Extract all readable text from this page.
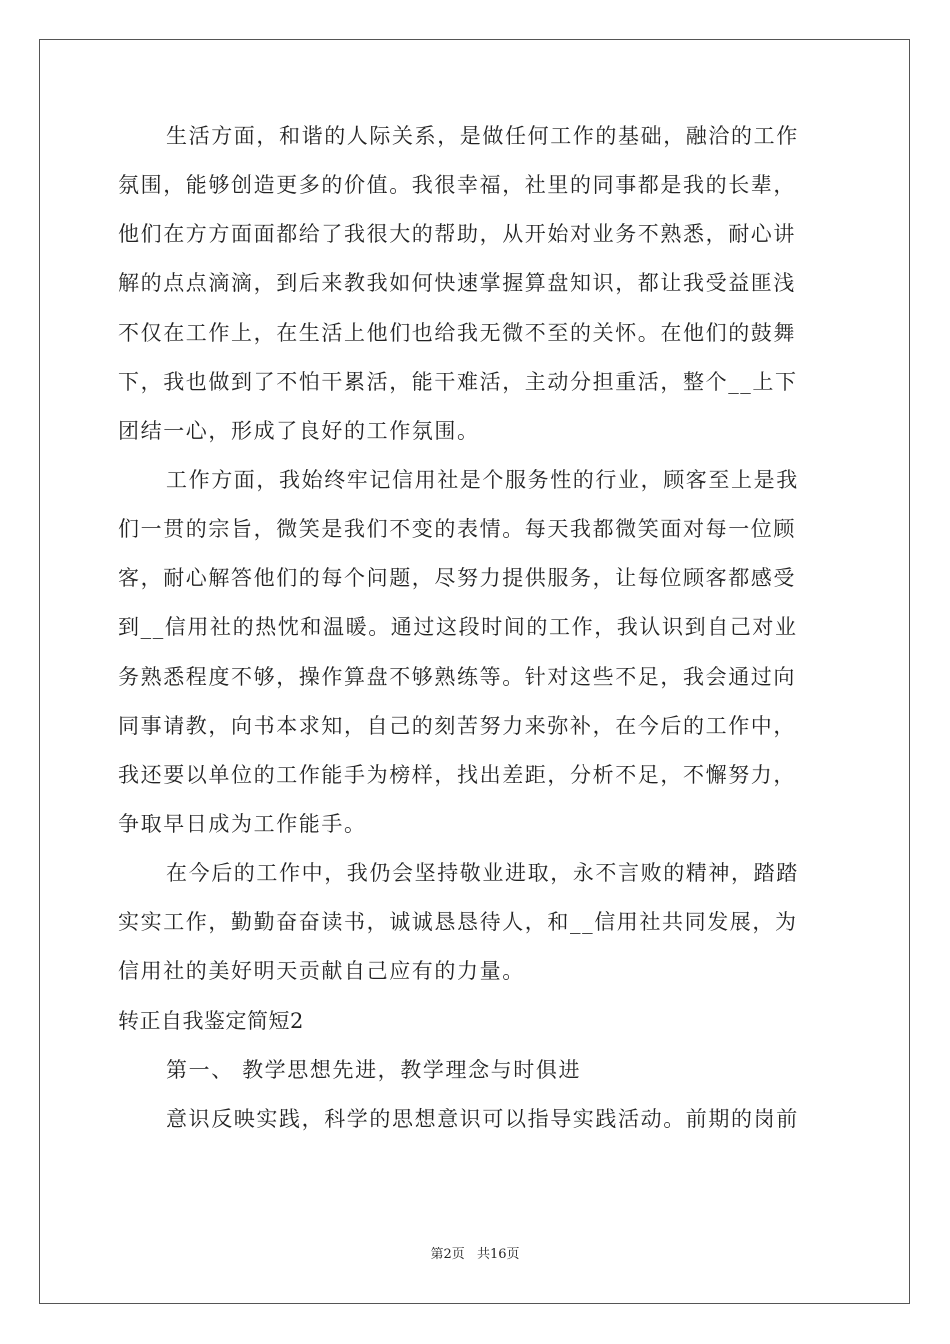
生活方面，和谐的人际关系，是做任何工作的基础，融洽的工作
氛围，能够创造更多的价值。我很幸福，社里的同事都是我的长辈，
他们在方方面面都给了我很大的帮助，从开始对业务不熟悉，耐心讲
解的点点滴滴，到后来教我如何快速掌握算盘知识，都让我受益匪浅
不仅在工作上，在生活上他们也给我无微不至的关怀。在他们的鼓舞
下，我也做到了不怕干累活，能干难活，主动分担重活，整个__上下
团结一心，形成了良好的工作氛围。
工作方面，我始终牢记信用社是个服务性的行业，顾客至上是我
们一贯的宗旨，微笑是我们不变的表情。每天我都微笑面对每一位顾
客，耐心解答他们的每个问题，尽努力提供服务，让每位顾客都感受
到__信用社的热忱和温暖。通过这段时间的工作，我认识到自己对业
务熟悉程度不够，操作算盘不够熟练等。针对这些不足，我会通过向
同事请教，向书本求知，自己的刻苦努力来弥补，在今后的工作中，
我还要以单位的工作能手为榜样，找出差距，分析不足，不懈努力，
争取早日成为工作能手。
在今后的工作中，我仍会坚持敬业进取，永不言败的精神，踏踏
实实工作，勤勤奋奋读书，诚诚恳恳待人，和__信用社共同发展，为
信用社的美好明天贡献自己应有的力量。
转正自我鉴定简短2
第一、 教学思想先进，教学理念与时俱进
意识反映实践，科学的思想意识可以指导实践活动。前期的岗前
第2页 共16页
